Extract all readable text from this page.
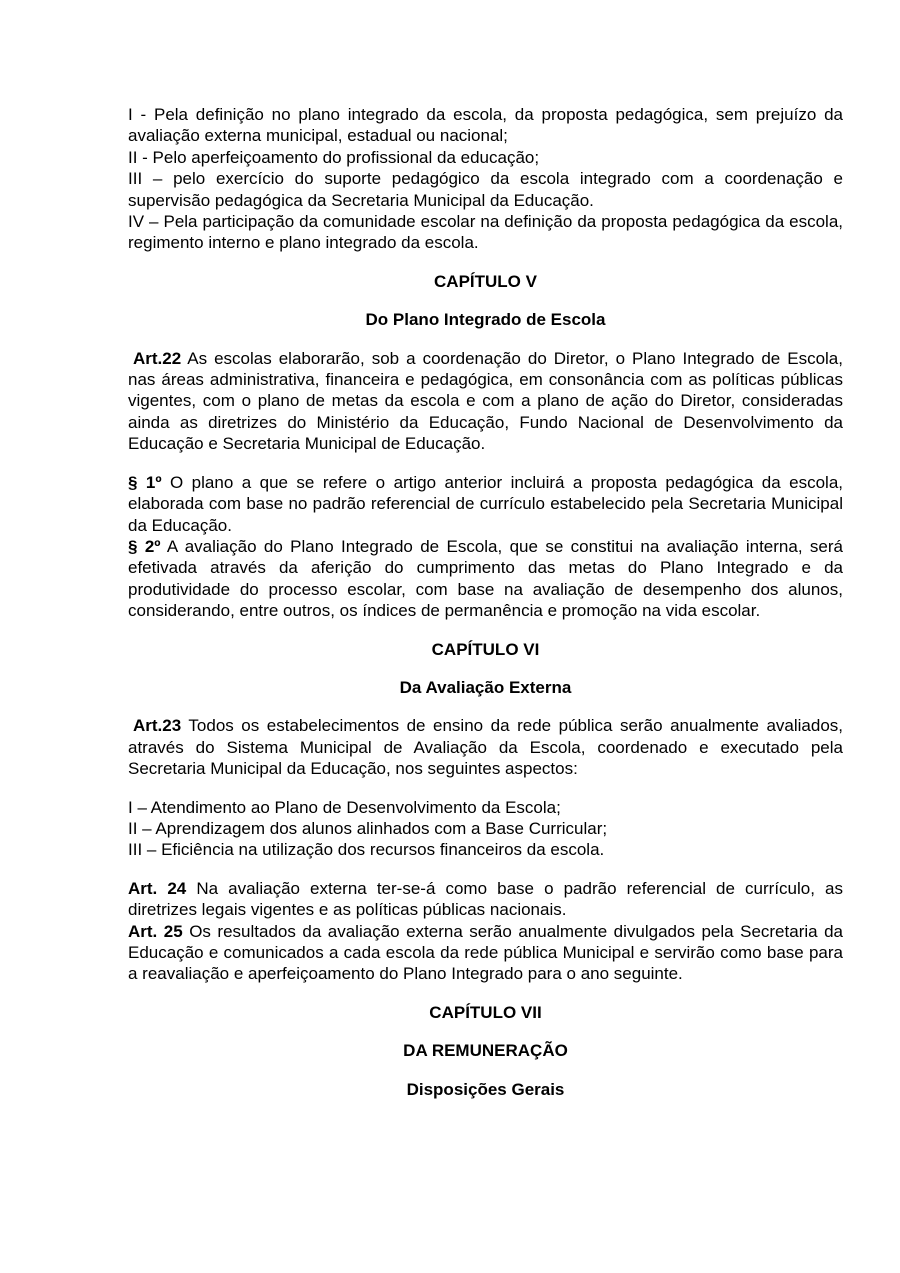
I - Pela definição no plano integrado da escola, da proposta pedagógica, sem prejuízo da avaliação externa municipal, estadual ou nacional;

II - Pelo aperfeiçoamento do profissional da educação;

III – pelo exercício do suporte pedagógico da escola integrado com a coordenação e supervisão pedagógica da Secretaria Municipal da Educação.

IV – Pela participação da comunidade escolar na definição da proposta pedagógica da escola, regimento interno e plano integrado da escola.

CAPÍTULO V
Do Plano Integrado de Escola

Art.22 As escolas elaborarão, sob a coordenação do Diretor, o Plano Integrado de Escola, nas áreas administrativa, financeira e pedagógica, em consonância com as políticas públicas vigentes, com o plano de metas da escola e com a plano de ação do Diretor, consideradas ainda as diretrizes do Ministério da Educação, Fundo Nacional de Desenvolvimento da Educação e Secretaria Municipal de Educação.

§ 1º O plano a que se refere o artigo anterior incluirá a proposta pedagógica da escola, elaborada com base no padrão referencial de currículo estabelecido pela Secretaria Municipal da Educação.

§ 2º A avaliação do Plano Integrado de Escola, que se constitui na avaliação interna, será efetivada através da aferição do cumprimento das metas do Plano Integrado e da produtividade do processo escolar, com base na avaliação de desempenho dos alunos, considerando, entre outros, os índices de permanência e promoção na vida escolar.

CAPÍTULO VI
Da Avaliação Externa

Art.23 Todos os estabelecimentos de ensino da rede pública serão anualmente avaliados, através do Sistema Municipal de Avaliação da Escola, coordenado e executado pela Secretaria Municipal da Educação, nos seguintes aspectos:

I – Atendimento ao Plano de Desenvolvimento da Escola;

II – Aprendizagem dos alunos alinhados com a Base Curricular;

III – Eficiência na utilização dos recursos financeiros da escola.

Art. 24 Na avaliação externa ter-se-á como base o padrão referencial de currículo, as diretrizes legais vigentes e as políticas públicas nacionais.

Art. 25 Os resultados da avaliação externa serão anualmente divulgados pela Secretaria da Educação e comunicados a cada escola da rede pública Municipal e servirão como base para a reavaliação e aperfeiçoamento do Plano Integrado para o ano seguinte.

CAPÍTULO VII
DA REMUNERAÇÃO
Disposições Gerais
